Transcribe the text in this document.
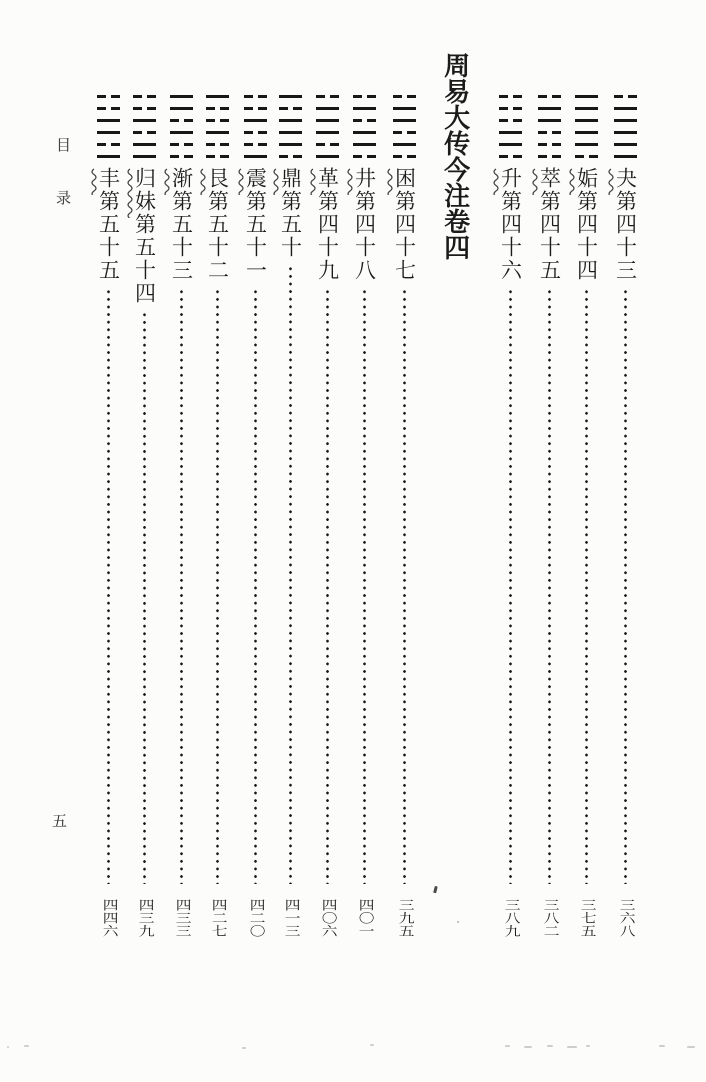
目
录	周易大传今注卷四	夬第四十三
三六八
姤第四十四
三七五
萃第四十五
三八二
升第四十六
三八九
困第四十七
三九五
井第四十八
四〇一
革第四十九
四〇六
鼎第五十
四一三
震第五十一
四二〇
艮第五十二
四二七
渐第五十三
四三三
归妹第五十四
四三九
丰第五十五
四四六
五
